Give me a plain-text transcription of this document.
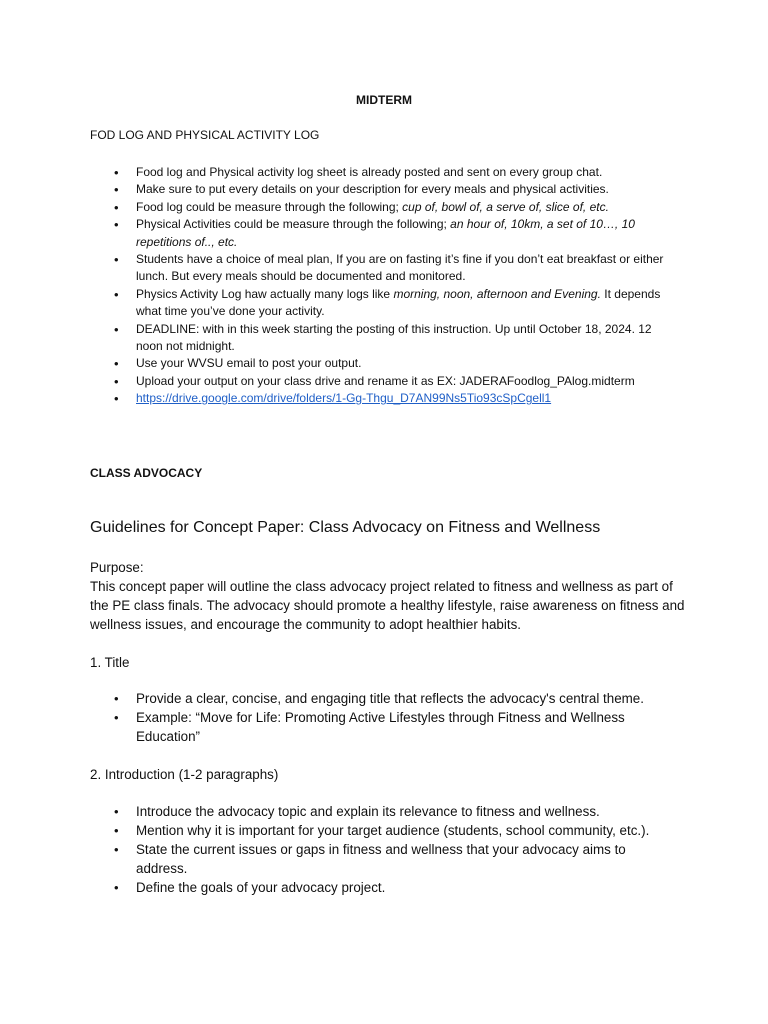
MIDTERM
FOD LOG AND PHYSICAL ACTIVITY LOG
• Food log and Physical activity log sheet is already posted and sent on every group chat.
• Make sure to put every details on your description for every meals and physical activities.
• Food log could be measure through the following; cup of, bowl of, a serve of, slice of, etc.
• Physical Activities could be measure through the following; an hour of, 10km, a set of 10…, 10 repetitions of.., etc.
• Students have a choice of meal plan, If you are on fasting it’s fine if you don’t eat breakfast or either lunch. But every meals should be documented and monitored.
• Physics Activity Log haw actually many logs like morning, noon, afternoon and Evening. It depends what time you’ve done your activity.
• DEADLINE: with in this week starting the posting of this instruction. Up until October 18, 2024. 12 noon not midnight.
• Use your WVSU email to post your output.
• Upload your output on your class drive and rename it as EX: JADERAFoodlog_PAlog.midterm
• https://drive.google.com/drive/folders/1-Gg-Thgu_D7AN99Ns5Tio93cSpCgell1
CLASS ADVOCACY
Guidelines for Concept Paper: Class Advocacy on Fitness and Wellness
Purpose:
This concept paper will outline the class advocacy project related to fitness and wellness as part of the PE class finals. The advocacy should promote a healthy lifestyle, raise awareness on fitness and wellness issues, and encourage the community to adopt healthier habits.
1. Title
• Provide a clear, concise, and engaging title that reflects the advocacy's central theme.
• Example: “Move for Life: Promoting Active Lifestyles through Fitness and Wellness Education”
2. Introduction (1-2 paragraphs)
• Introduce the advocacy topic and explain its relevance to fitness and wellness.
• Mention why it is important for your target audience (students, school community, etc.).
• State the current issues or gaps in fitness and wellness that your advocacy aims to address.
• Define the goals of your advocacy project.
